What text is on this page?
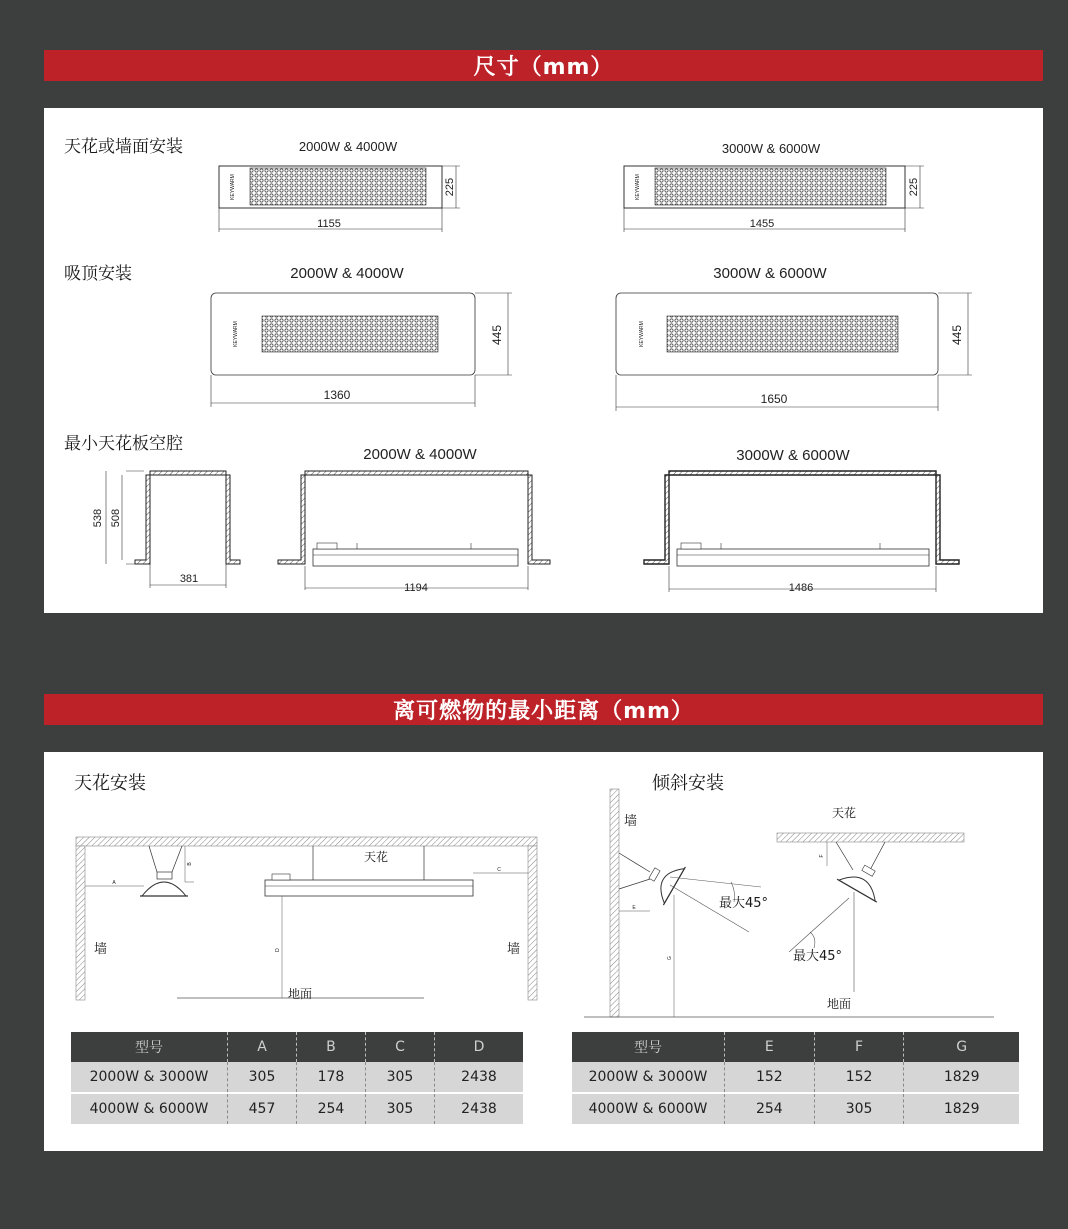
尺寸（mm）
天花或墙面安装	2000W & 4000W	3000W & 6000W
KEYWARM	225
1155
KEYWARM	225
1455
吸顶安装	2000W & 4000W	3000W & 6000W
KEYWARM	445
1360
KEYWARM	445
1650
最小天花板空腔
2000W & 4000W	3000W & 6000W
538 508
381
1194	1486
离可燃物的最小距离（mm）
天花安装
A
B	天花
C
D
地面
墙	墙
倾斜安装
墙
最大45°
E
G
地面
天花
F
最大45°
型号	A	B	C	D
2000W & 3000W	305	178	305	2438
4000W & 6000W	457	254	305	2438
型号	E	F	G
2000W & 3000W	152	152	1829
4000W & 6000W	254	305	1829
